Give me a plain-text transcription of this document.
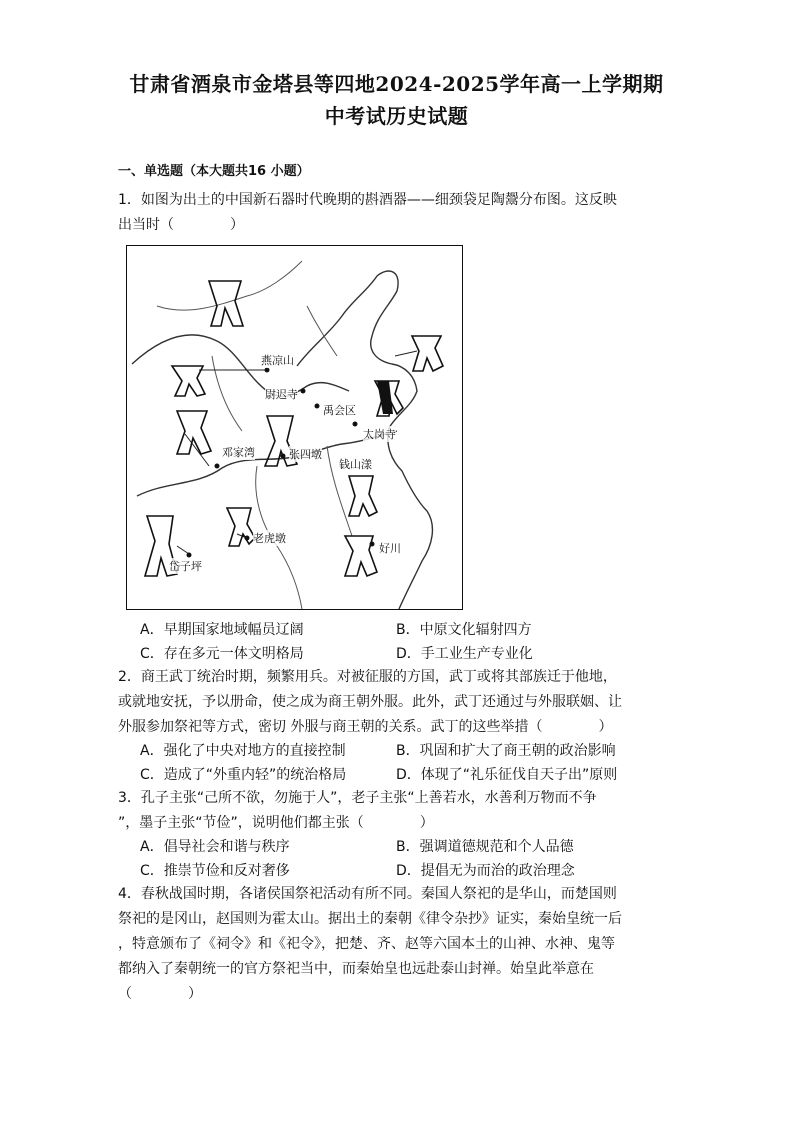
甘肃省酒泉市金塔县等四地2024-2025学年高一上学期期
中考试历史试题
一、单选题（本大题共16 小题）
1．如图为出土的中国新石器时代晚期的斟酒器——细颈袋足陶鬶分布图。这反映
出当时（　　　　）
燕凉山
尉迟寺
禹会区
太岗寺
邓家湾	张四墩
钱山漾
老虎墩
岱子坪
好川
A．早期国家地域幅员辽阔	B．中原文化辐射四方
C．存在多元一体文明格局	D．手工业生产专业化
2．商王武丁统治时期，频繁用兵。对被征服的方国，武丁或将其部族迁于他地，
或就地安抚，予以册命，使之成为商王朝外服。此外，武丁还通过与外服联姻、让
外服参加祭祀等方式，密切 外服与商王朝的关系。武丁的这些举措（　　　　）
A．强化了中央对地方的直接控制	B．巩固和扩大了商王朝的政治影响
C．造成了“外重内轻”的统治格局	D．体现了“礼乐征伐自天子出”原则
3．孔子主张“己所不欲，勿施于人”，老子主张“上善若水，水善利万物而不争
”，墨子主张“节俭”，说明他们都主张（　　　　）
A．倡导社会和谐与秩序	B．强调道德规范和个人品德
C．推崇节俭和反对奢侈	D．提倡无为而治的政治理念
4．春秋战国时期，各诸侯国祭祀活动有所不同。秦国人祭祀的是华山，而楚国则
祭祀的是冈山，赵国则为霍太山。据出土的秦朝《律令杂抄》证实，秦始皇统一后
，特意颁布了《祠令》和《祀令》，把楚、齐、赵等六国本土的山神、水神、鬼等
都纳入了秦朝统一的官方祭祀当中，而秦始皇也远赴泰山封禅。始皇此举意在
（　　　　）
